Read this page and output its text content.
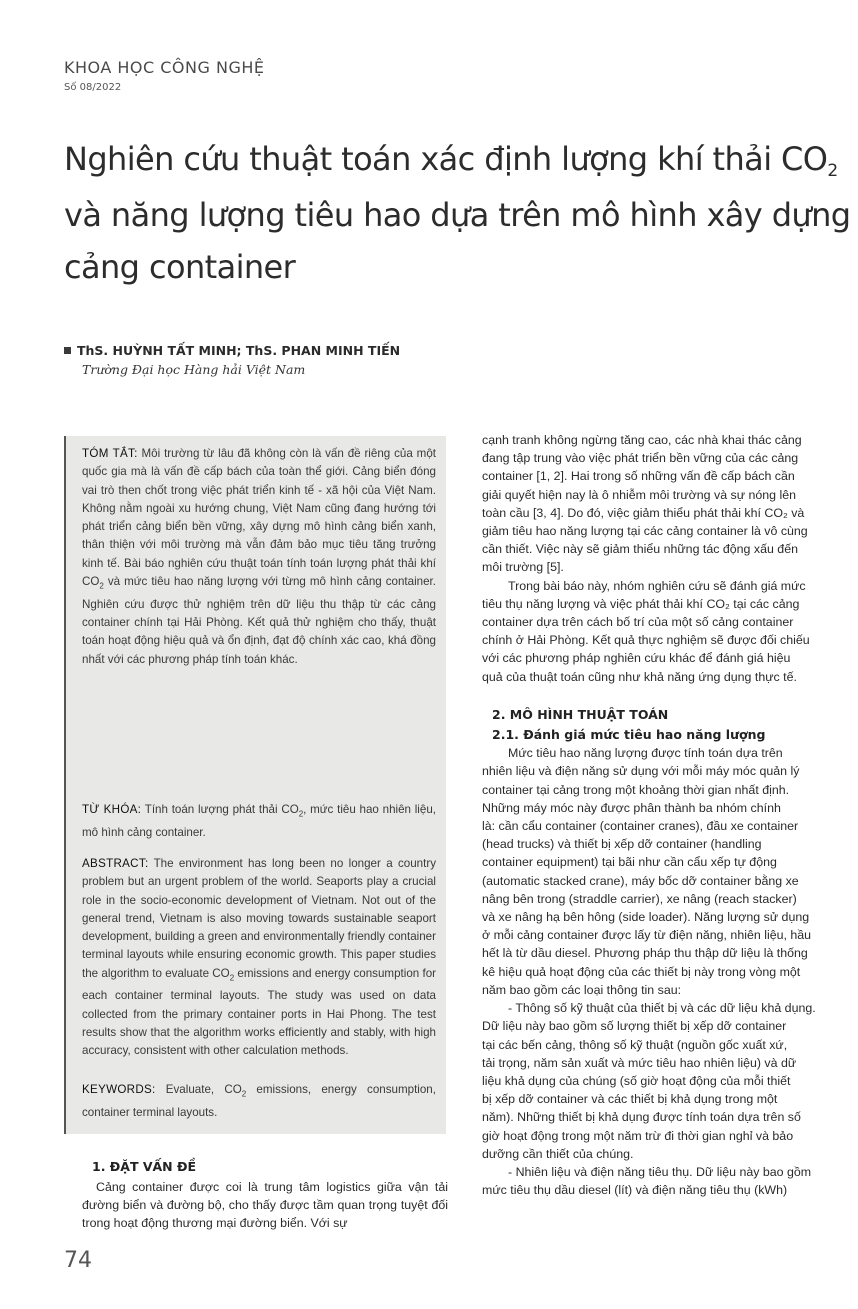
KHOA HỌC CÔNG NGHỆ
Số 08/2022
Nghiên cứu thuật toán xác định lượng khí thải $CO_2$
và năng lượng tiêu hao dựa trên mô hình xây dựng
cảng container
ThS. HUỲNH TẤT MINH; ThS. PHAN MINH TIẾN
Trường Đại học Hàng hải Việt Nam

TÓM TẮT: Môi trường từ lâu đã không còn là vấn đề riêng của một quốc gia mà là vấn đề cấp bách của toàn thể giới. Cảng biển đóng vai trò then chốt trong việc phát triển kinh tế - xã hội của Việt Nam. Không nằm ngoài xu hướng chung, Việt Nam cũng đang hướng tới phát triển cảng biển bền vững, xây dựng mô hình cảng biển xanh, thân thiện với môi trường mà vẫn đảm bảo mục tiêu tăng trưởng kinh tế. Bài báo nghiên cứu thuật toán tính toán lượng phát thải khí $CO_2$ và mức tiêu hao năng lượng với từng mô hình cảng container. Nghiên cứu được thử nghiệm trên dữ liệu thu thập từ các cảng container chính tại Hải Phòng. Kết quả thử nghiệm cho thấy, thuật toán hoạt động hiệu quả và ổn định, đạt độ chính xác cao, khá đồng nhất với các phương pháp tính toán khác.

TỪ KHÓA: Tính toán lượng phát thải $CO_2$, mức tiêu hao nhiên liệu, mô hình cảng container.

ABSTRACT: The environment has long been no longer a country problem but an urgent problem of the world. Seaports play a crucial role in the socio-economic development of Vietnam. Not out of the general trend, Vietnam is also moving towards sustainable seaport development, building a green and environmentally friendly container terminal layouts while ensuring economic growth. This paper studies the algorithm to evaluate $CO_2$ emissions and energy consumption for each container terminal layouts. The study was used on data collected from the primary container ports in Hai Phong. The test results show that the algorithm works efficiently and stably, with high accuracy, consistent with other calculation methods.

KEYWORDS: Evaluate, $CO_2$ emissions, energy consumption, container terminal layouts.

1. ĐẶT VẤN ĐỀ

Cảng container được coi là trung tâm logistics giữa vận tải đường biển và đường bộ, cho thấy được tầm quan trọng tuyệt đối trong hoạt động thương mại đường biển. Với sự

cạnh tranh không ngừng tăng cao, các nhà khai thác cảng

đang tập trung vào việc phát triển bền vững của các cảng

container [1, 2]. Hai trong số những vấn đề cấp bách cần

giải quyết hiện nay là ô nhiễm môi trường và sự nóng lên

toàn cầu [3, 4]. Do đó, việc giảm thiểu phát thải khí CO₂ và

giảm tiêu hao năng lượng tại các cảng container là vô cùng

cần thiết. Việc này sẽ giảm thiểu những tác động xấu đến

môi trường [5].

Trong bài báo này, nhóm nghiên cứu sẽ đánh giá mức

tiêu thụ năng lượng và việc phát thải khí CO₂ tại các cảng

container dựa trên cách bố trí của một số cảng container

chính ở Hải Phòng. Kết quả thực nghiệm sẽ được đối chiếu

với các phương pháp nghiên cứu khác để đánh giá hiệu

quả của thuật toán cũng như khả năng ứng dụng thực tế.

2. MÔ HÌNH THUẬT TOÁN
2.1. Đánh giá mức tiêu hao năng lượng

Mức tiêu hao năng lượng được tính toán dựa trên

nhiên liệu và điện năng sử dụng với mỗi máy móc quản lý

container tại cảng trong một khoảng thời gian nhất định.

Những máy móc này được phân thành ba nhóm chính

là: cần cẩu container (container cranes), đầu xe container

(head trucks) và thiết bị xếp dỡ container (handling

container equipment) tại bãi như cần cẩu xếp tự động

(automatic stacked crane), máy bốc dỡ container bằng xe

nâng bên trong (straddle carrier), xe nâng (reach stacker)

và xe nâng hạ bên hông (side loader). Năng lượng sử dụng

ở mỗi cảng container được lấy từ điện năng, nhiên liệu, hầu

hết là từ dầu diesel. Phương pháp thu thập dữ liệu là thống

kê hiệu quả hoạt động của các thiết bị này trong vòng một

năm bao gồm các loại thông tin sau:

- Thông số kỹ thuật của thiết bị và các dữ liệu khả dụng.

Dữ liệu này bao gồm số lượng thiết bị xếp dỡ container

tại các bến cảng, thông số kỹ thuật (nguồn gốc xuất xứ,

tải trọng, năm sản xuất và mức tiêu hao nhiên liệu) và dữ

liệu khả dụng của chúng (số giờ hoạt động của mỗi thiết

bị xếp dỡ container và các thiết bị khả dụng trong một

năm). Những thiết bị khả dụng được tính toán dựa trên số

giờ hoạt động trong một năm trừ đi thời gian nghỉ và bảo

dưỡng cần thiết của chúng.

- Nhiên liệu và điện năng tiêu thụ. Dữ liệu này bao gồm

mức tiêu thụ dầu diesel (lít) và điện năng tiêu thụ (kWh)

74
